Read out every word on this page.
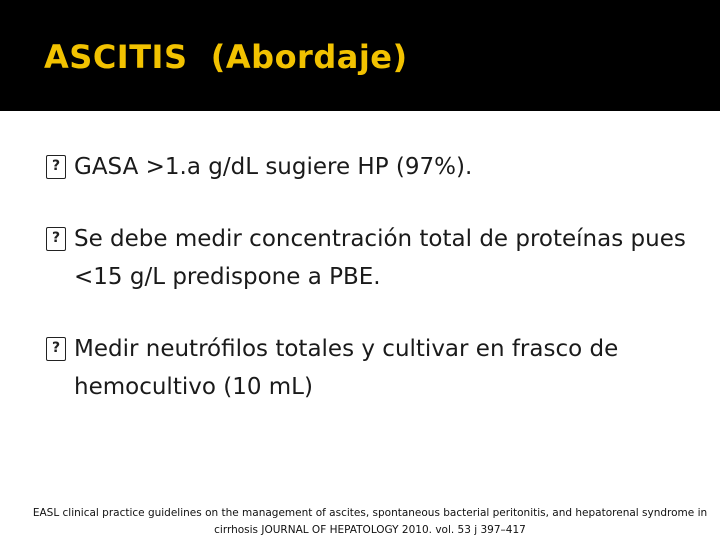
ASCITIS  (Abordaje)
?
GASA >1.a g/dL sugiere HP (97%).
?
Se debe medir concentración total de proteínas pues <15 g/L predispone a PBE.
?
Medir neutrófilos totales y cultivar en frasco de hemocultivo (10 mL)

EASL clinical practice guidelines on the management of ascites, spontaneous bacterial peritonitis, and hepatorenal syndrome in cirrhosis JOURNAL OF HEPATOLOGY 2010. vol. 53 j 397–417
